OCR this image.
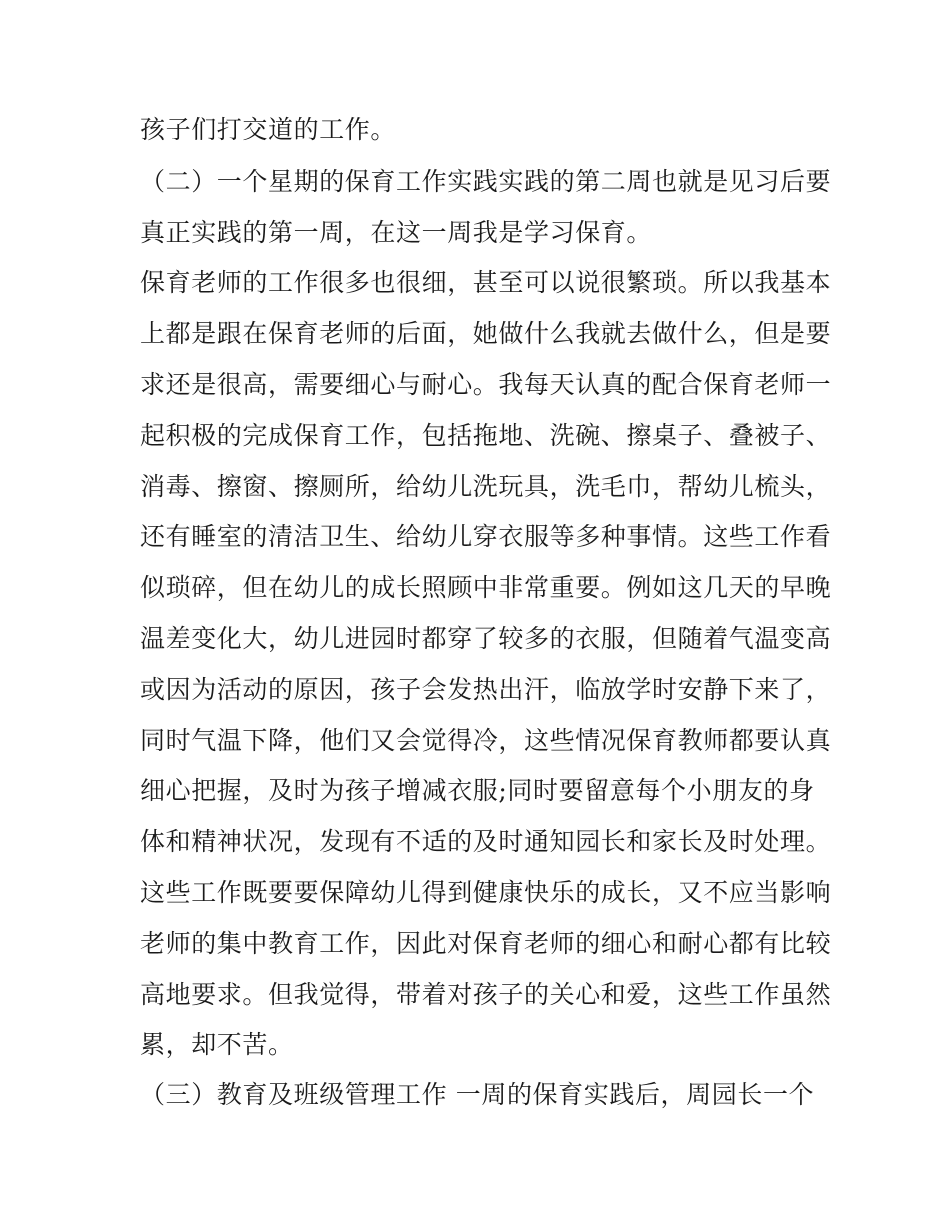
孩子们打交道的工作。

（二）一个星期的保育工作实践实践的第二周也就是见习后要

真正实践的第一周，在这一周我是学习保育。

保育老师的工作很多也很细，甚至可以说很繁琐。所以我基本

上都是跟在保育老师的后面，她做什么我就去做什么，但是要

求还是很高，需要细心与耐心。我每天认真的配合保育老师一

起积极的完成保育工作，包括拖地、洗碗、擦桌子、叠被子、

消毒、擦窗、擦厕所，给幼儿洗玩具，洗毛巾，帮幼儿梳头，

还有睡室的清洁卫生、给幼儿穿衣服等多种事情。这些工作看

似琐碎，但在幼儿的成长照顾中非常重要。例如这几天的早晚

温差变化大，幼儿进园时都穿了较多的衣服，但随着气温变高

或因为活动的原因，孩子会发热出汗，临放学时安静下来了，

同时气温下降，他们又会觉得冷，这些情况保育教师都要认真

细心把握，及时为孩子增减衣服;同时要留意每个小朋友的身

体和精神状况，发现有不适的及时通知园长和家长及时处理。

这些工作既要要保障幼儿得到健康快乐的成长，又不应当影响

老师的集中教育工作，因此对保育老师的细心和耐心都有比较

高地要求。但我觉得，带着对孩子的关心和爱，这些工作虽然

累，却不苦。

（三）教育及班级管理工作 一周的保育实践后，周园长一个
